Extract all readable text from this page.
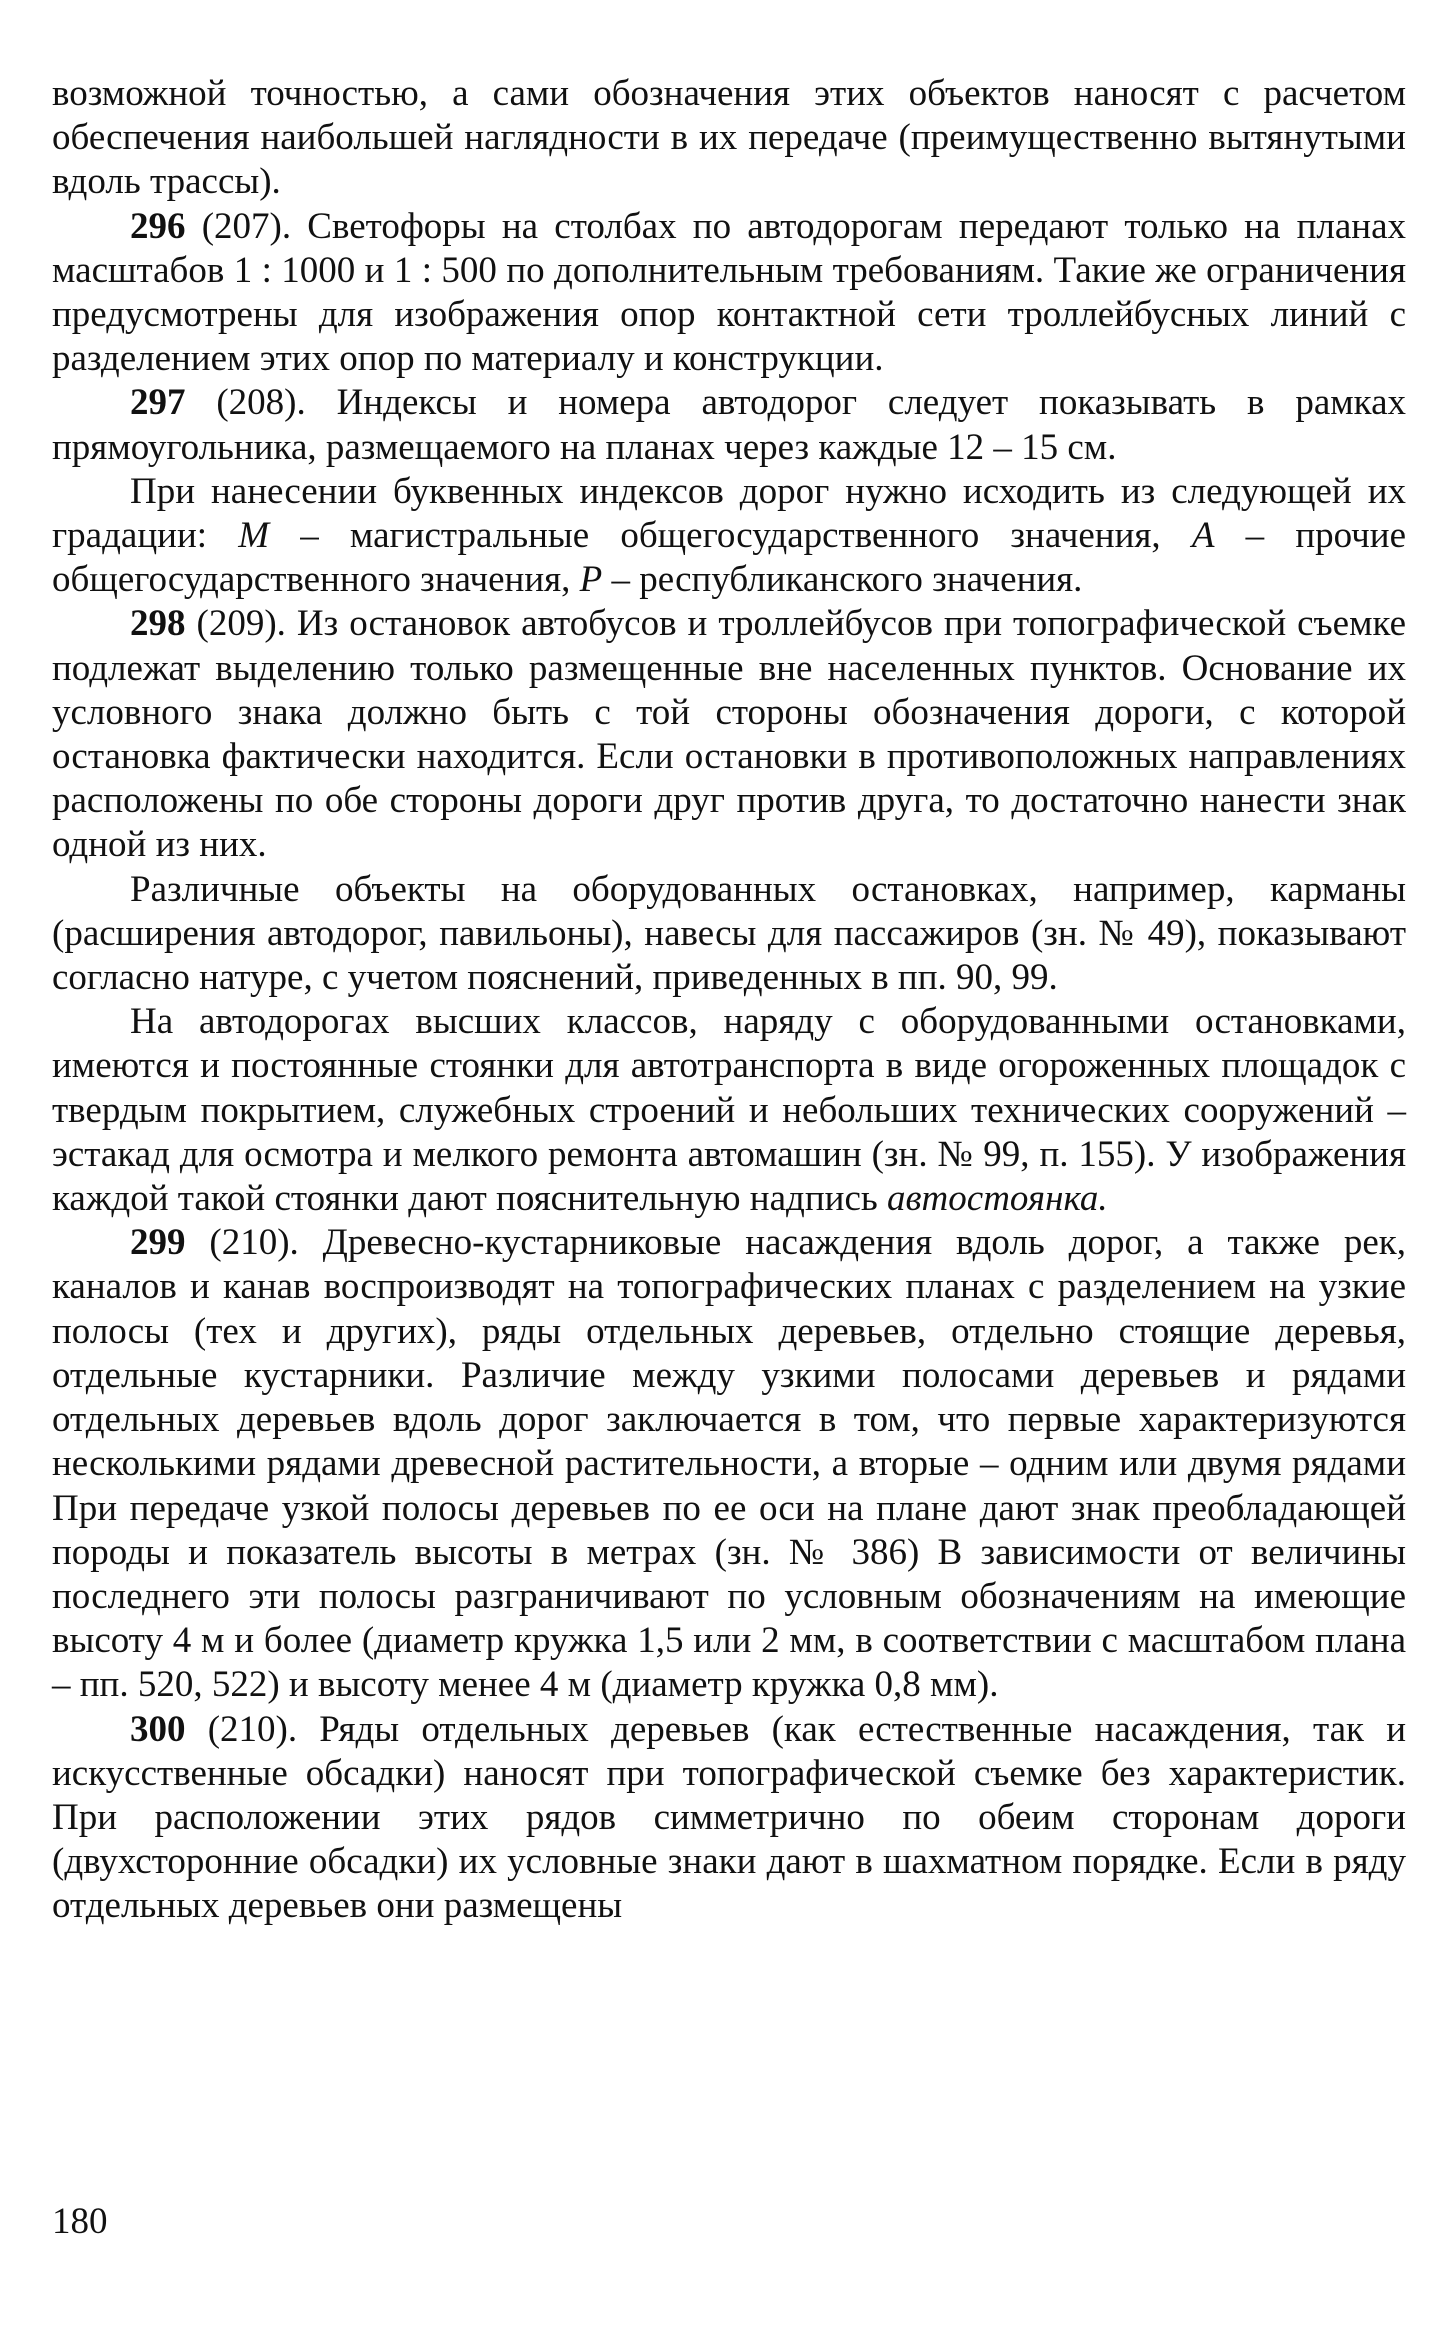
возможной точностью, а сами обозначения этих объектов наносят с расчетом обеспечения наибольшей наглядности в их передаче (преимущественно вытянутыми вдоль трассы).

296 (207). Светофоры на столбах по автодорогам передают только на планах масштабов 1 : 1000 и 1 : 500 по дополнительным требованиям. Такие же ограничения предусмотрены для изображения опор контактной сети троллейбусных линий с разделением этих опор по материалу и конструкции.

297 (208). Индексы и номера автодорог следует показывать в рамках прямоугольника, размещаемого на планах через каждые 12 – 15 см.

При нанесении буквенных индексов дорог нужно исходить из следующей их градации: М – магистральные общегосударственного значения, А – прочие общегосударственного значения, Р – республиканского значения.

298 (209). Из остановок автобусов и троллейбусов при топографической съемке подлежат выделению только размещенные вне населенных пунктов. Основание их условного знака должно быть с той стороны обозначения дороги, с которой остановка фактически находится. Если остановки в противоположных направлениях расположены по обе стороны дороги друг против друга, то достаточно нанести знак одной из них.

Различные объекты на оборудованных остановках, например, карманы (расширения автодорог, павильоны), навесы для пассажиров (зн. № 49), показывают согласно натуре, с учетом пояснений, приведенных в пп. 90, 99.

На автодорогах высших классов, наряду с оборудованными остановками, имеются и постоянные стоянки для автотранспорта в виде огороженных площадок с твердым покрытием, служебных строений и небольших технических сооружений – эстакад для осмотра и мелкого ремонта автомашин (зн. № 99, п. 155). У изображения каждой такой стоянки дают пояснительную надпись автостоянка.

299 (210). Древесно-кустарниковые насаждения вдоль дорог, а также рек, каналов и канав воспроизводят на топографических планах с разделением на узкие полосы (тех и других), ряды отдельных деревьев, отдельно стоящие деревья, отдельные кустарники. Различие между узкими полосами деревьев и рядами отдельных деревьев вдоль дорог заключается в том, что первые характеризуются несколькими рядами древесной растительности, а вторые – одним или двумя рядами При передаче узкой полосы деревьев по ее оси на плане дают знак преобладающей породы и показатель высоты в метрах (зн. № 386) В зависимости от величины последнего эти полосы разграничивают по условным обозначениям на имеющие высоту 4 м и более (диаметр кружка 1,5 или 2 мм, в соответствии с масштабом плана – пп. 520, 522) и высоту менее 4 м (диаметр кружка 0,8 мм).

300 (210). Ряды отдельных деревьев (как естественные насаждения, так и искусственные обсадки) наносят при топографической съемке без характеристик. При расположении этих рядов симметрично по обеим сторонам дороги (двухсторонние обсадки) их условные знаки дают в шахматном порядке. Если в ряду отдельных деревьев они размещены

180
